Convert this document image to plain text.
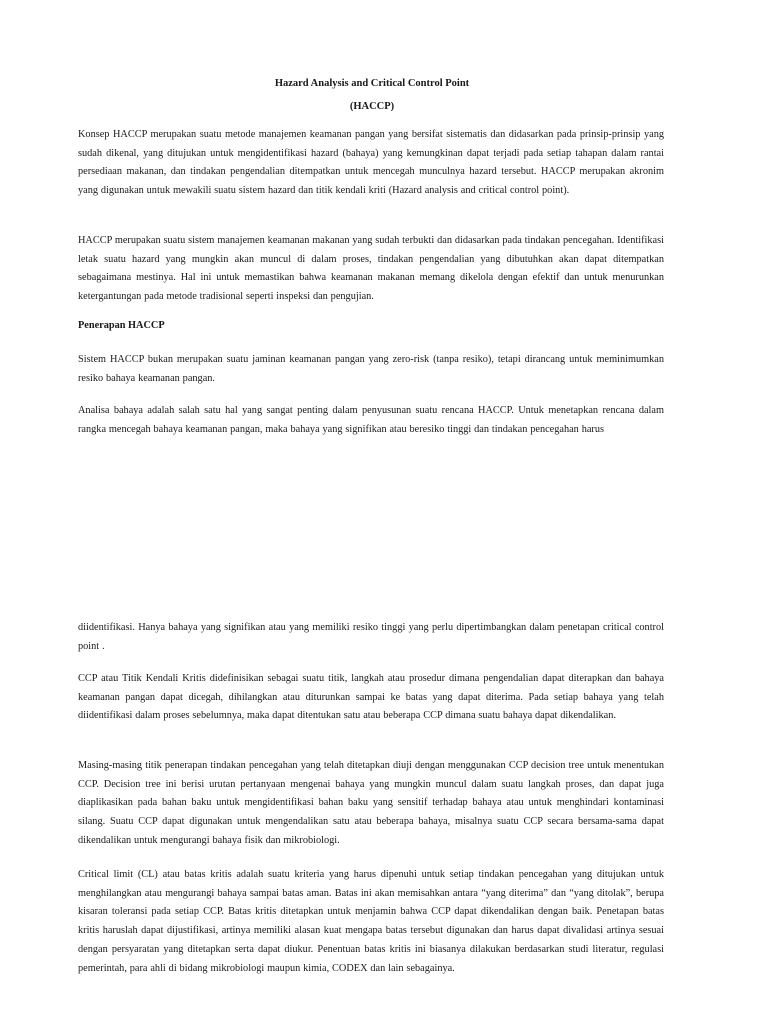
Hazard Analysis and Critical Control Point

(HACCP)

Konsep HACCP merupakan suatu metode manajemen keamanan pangan yang bersifat sistematis dan didasarkan pada prinsip-prinsip yang sudah dikenal, yang ditujukan untuk mengidentifikasi hazard (bahaya) yang kemungkinan dapat terjadi pada setiap tahapan dalam rantai persediaan makanan, dan tindakan pengendalian ditempatkan untuk mencegah munculnya hazard tersebut. HACCP merupakan akronim yang digunakan untuk mewakili suatu sistem hazard dan titik kendali kriti (Hazard analysis and critical control point).

HACCP merupakan suatu sistem manajemen keamanan makanan yang sudah terbukti dan didasarkan pada tindakan pencegahan. Identifikasi letak suatu hazard yang mungkin akan muncul di dalam proses, tindakan pengendalian yang dibutuhkan akan dapat ditempatkan sebagaimana mestinya. Hal ini untuk memastikan bahwa keamanan makanan memang dikelola dengan efektif dan untuk menurunkan ketergantungan pada metode tradisional seperti inspeksi dan pengujian.

Penerapan HACCP

Sistem HACCP bukan merupakan suatu jaminan keamanan pangan yang zero-risk (tanpa resiko), tetapi dirancang untuk meminimumkan resiko bahaya keamanan pangan.

Analisa bahaya adalah salah satu hal yang sangat penting dalam penyusunan suatu rencana HACCP. Untuk menetapkan rencana dalam rangka mencegah bahaya keamanan pangan, maka bahaya yang signifikan atau beresiko tinggi dan tindakan pencegahan harus

diidentifikasi. Hanya bahaya yang signifikan atau yang memiliki resiko tinggi yang perlu dipertimbangkan dalam penetapan critical control point .

CCP atau Titik Kendali Kritis didefinisikan sebagai suatu titik, langkah atau prosedur dimana pengendalian dapat diterapkan dan bahaya keamanan pangan dapat dicegah, dihilangkan atau diturunkan sampai ke batas yang dapat diterima. Pada setiap bahaya yang telah diidentifikasi dalam proses sebelumnya, maka dapat ditentukan satu atau beberapa CCP dimana suatu bahaya dapat dikendalikan.

Masing-masing titik penerapan tindakan pencegahan yang telah ditetapkan diuji dengan menggunakan CCP decision tree untuk menentukan CCP. Decision tree ini berisi urutan pertanyaan mengenai bahaya yang mungkin muncul dalam suatu langkah proses, dan dapat juga diaplikasikan pada bahan baku untuk mengidentifikasi bahan baku yang sensitif terhadap bahaya atau untuk menghindari kontaminasi silang. Suatu CCP dapat digunakan untuk mengendalikan satu atau beberapa bahaya, misalnya suatu CCP secara bersama-sama dapat dikendalikan untuk mengurangi bahaya fisik dan mikrobiologi.

Critical limit (CL) atau batas kritis adalah suatu kriteria yang harus dipenuhi untuk setiap tindakan pencegahan yang ditujukan untuk menghilangkan atau mengurangi bahaya sampai batas aman. Batas ini akan memisahkan antara “yang diterima” dan “yang ditolak”, berupa kisaran toleransi pada setiap CCP. Batas kritis ditetapkan untuk menjamin bahwa CCP dapat dikendalikan dengan baik. Penetapan batas kritis haruslah dapat dijustifikasi, artinya memiliki alasan kuat mengapa batas tersebut digunakan dan harus dapat divalidasi artinya sesuai dengan persyaratan yang ditetapkan serta dapat diukur. Penentuan batas kritis ini biasanya dilakukan berdasarkan studi literatur, regulasi pemerintah, para ahli di bidang mikrobiologi maupun kimia, CODEX dan lain sebagainya.
